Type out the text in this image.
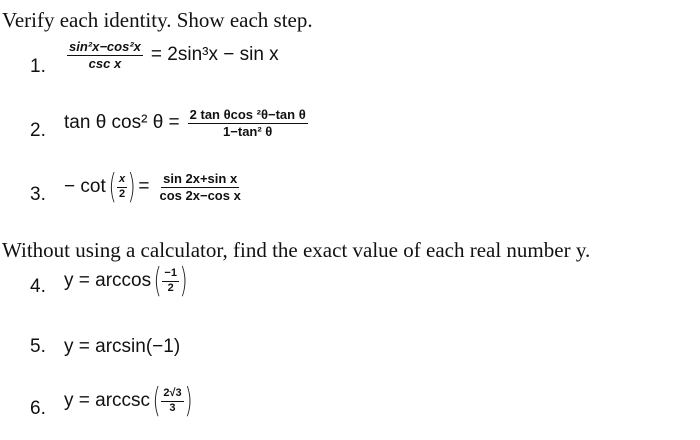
Verify each identity. Show each step.
1. $\frac{\text{sin²x−cos²x}}{\text{csc x}} = 2\sin^3x - \sin x$
2. tan θ cos² $\theta = \frac{\text{2 tan θcos ²θ−tan θ}}{\text{1−tan² θ}}$
3. − cot ( $\frac{x}{2}$ ) = $\frac{\text{sin 2x+sin x}}{\text{cos 2x−cos x}}$
Without using a calculator, find the exact value of each real number y.
4. y = arccos ( $\frac{-1}{2}$ )
5. y = arcsin(−1)
6. y = arccsc ( $\frac{2√3}{3}$ )
